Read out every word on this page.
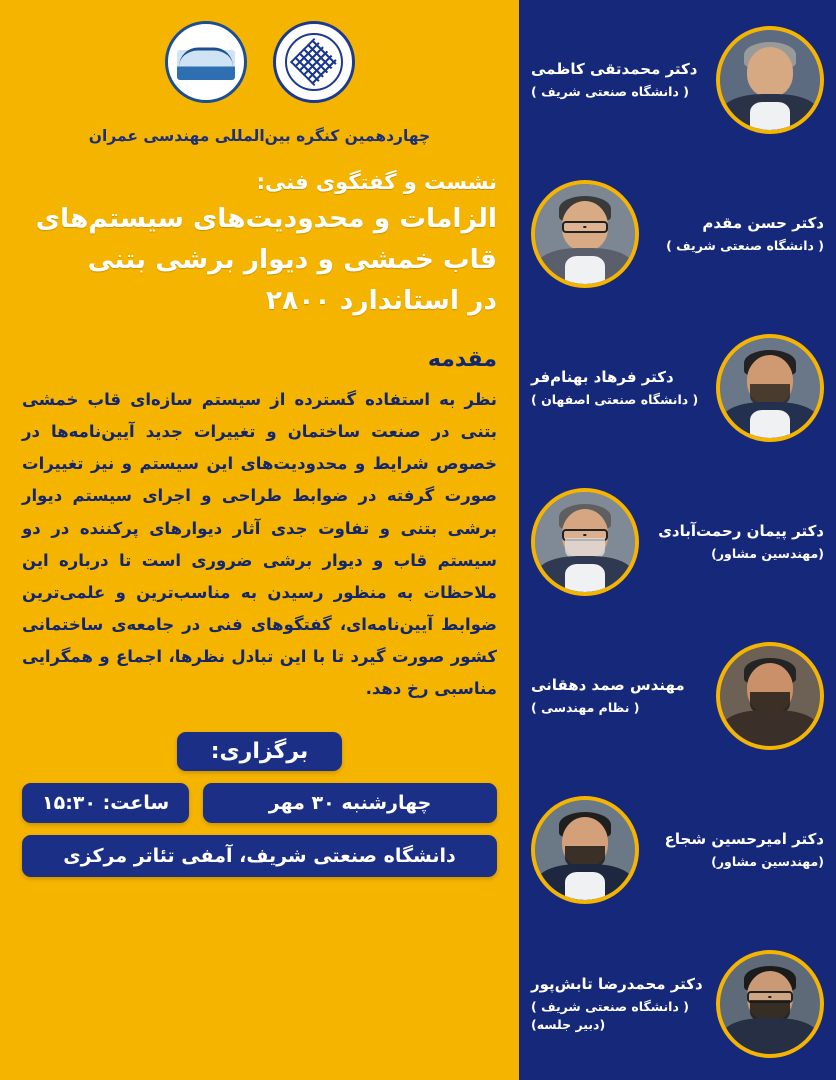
چهاردهمین کنگره بین‌المللی مهندسی عمران
نشست و گفتگوی فنی:
الزامات و محدودیت‌های سیستم‌های
قاب خمشی و دیوار برشی بتنی
در استاندارد ۲۸۰۰
مقدمه
نظر به استفاده گسترده از سیستم سازه‌ای قاب خمشی بتنی در صنعت ساختمان و تغییرات جدید آیین‌نامه‌ها در خصوص شرایط و محدودیت‌های این سیستم و نیز تغییرات صورت گرفته در ضوابط طراحی و اجرای سیستم دیوار برشی بتنی و تفاوت جدی آثار دیوارهای پرکننده در دو سیستم قاب و دیوار برشی ضروری است تا درباره این ملاحظات به منظور رسیدن به مناسب‌ترین و علمی‌ترین ضوابط آیین‌نامه‌ای، گفتگوهای فنی در جامعه‌ی ساختمانی کشور صورت گیرد تا با این تبادل نظرها، اجماع و همگرایی مناسبی رخ دهد.
برگزاری:
چهارشنبه ۳۰ مهر
ساعت: ۱۵:۳۰
دانشگاه صنعتی شریف، آمفی تئاتر مرکزی
دکتر محمدتقی کاظمی
( دانشگاه صنعتی شریف )
دکتر حسن مقدم
( دانشگاه صنعتی شریف )
دکتر فرهاد بهنام‌فر
( دانشگاه صنعتی اصفهان )
دکتر پیمان رحمت‌آبادی
(مهندسین مشاور)
مهندس صمد دهقانی
( نظام مهندسی )
دکتر امیرحسین شجاع
(مهندسین مشاور)
دکتر محمدرضا تابش‌پور
( دانشگاه صنعتی شریف )
(دبیر جلسه)
